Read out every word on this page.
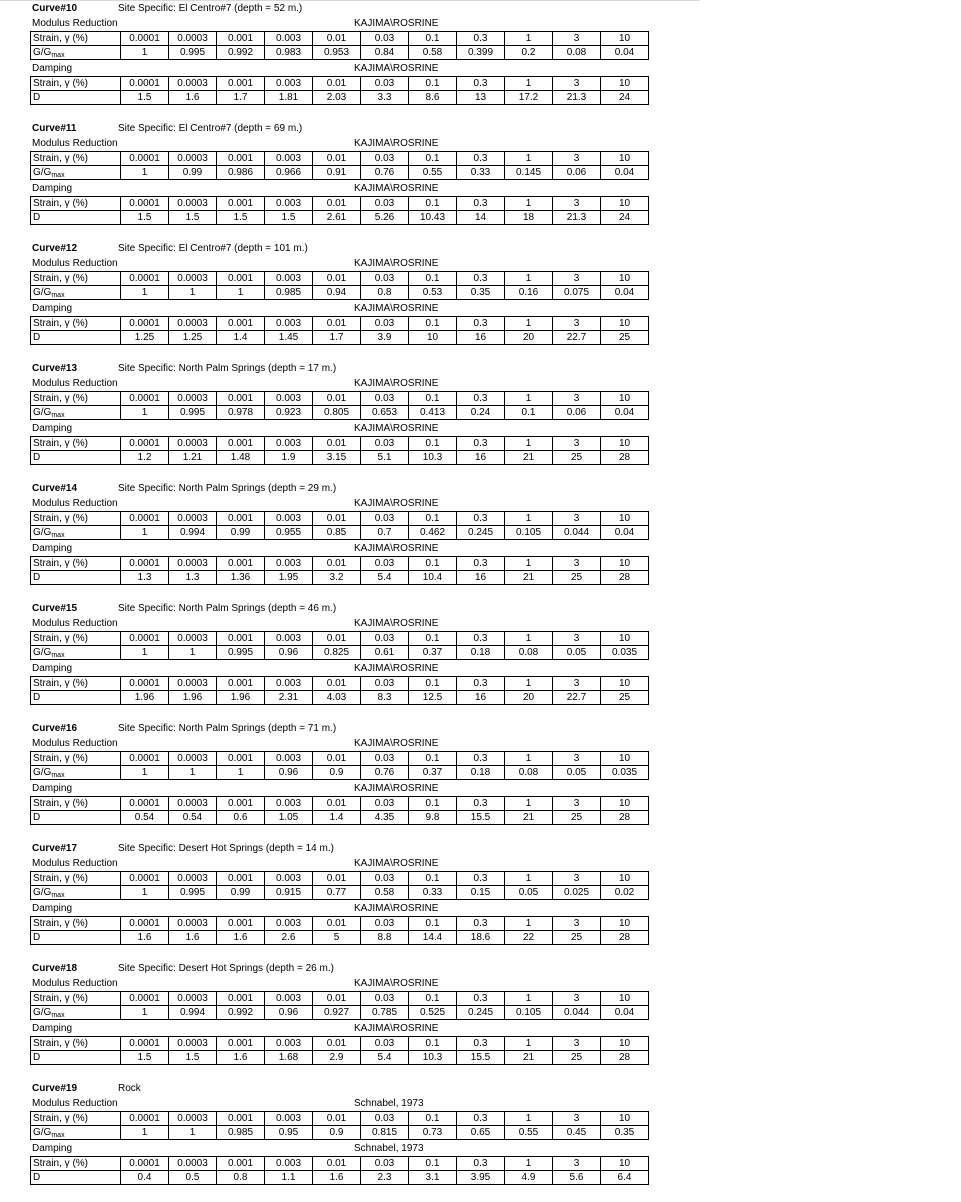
Curve#10	Site Specific: El Centro#7 (depth = 52 m.)
Modulus Reduction	KAJIMA\ROSRINE
Strain, γ (%)	0.0001	0.0003	0.001	0.003	0.01	0.03	0.1	0.3	1	3	10
$G/G_{max}$	1	0.995	0.992	0.983	0.953	0.84	0.58	0.399	0.2	0.08	0.04
Damping	KAJIMA\ROSRINE
Strain, γ (%)	0.0001	0.0003	0.001	0.003	0.01	0.03	0.1	0.3	1	3	10
D	1.5	1.6	1.7	1.81	2.03	3.3	8.6	13	17.2	21.3	24
Curve#11	Site Specific: El Centro#7 (depth = 69 m.)
Modulus Reduction	KAJIMA\ROSRINE
Strain, γ (%)	0.0001	0.0003	0.001	0.003	0.01	0.03	0.1	0.3	1	3	10
$G/G_{max}$	1	0.99	0.986	0.966	0.91	0.76	0.55	0.33	0.145	0.06	0.04
Damping	KAJIMA\ROSRINE
Strain, γ (%)	0.0001	0.0003	0.001	0.003	0.01	0.03	0.1	0.3	1	3	10
D	1.5	1.5	1.5	1.5	2.61	5.26	10.43	14	18	21.3	24
Curve#12	Site Specific: El Centro#7 (depth = 101 m.)
Modulus Reduction	KAJIMA\ROSRINE
Strain, γ (%)	0.0001	0.0003	0.001	0.003	0.01	0.03	0.1	0.3	1	3	10
$G/G_{max}$	1	1	1	0.985	0.94	0.8	0.53	0.35	0.16	0.075	0.04
Damping	KAJIMA\ROSRINE
Strain, γ (%)	0.0001	0.0003	0.001	0.003	0.01	0.03	0.1	0.3	1	3	10
D	1.25	1.25	1.4	1.45	1.7	3.9	10	16	20	22.7	25
Curve#13	Site Specific: North Palm Springs (depth = 17 m.)
Modulus Reduction	KAJIMA\ROSRINE
Strain, γ (%)	0.0001	0.0003	0.001	0.003	0.01	0.03	0.1	0.3	1	3	10
$G/G_{max}$	1	0.995	0.978	0.923	0.805	0.653	0.413	0.24	0.1	0.06	0.04
Damping	KAJIMA\ROSRINE
Strain, γ (%)	0.0001	0.0003	0.001	0.003	0.01	0.03	0.1	0.3	1	3	10
D	1.2	1.21	1.48	1.9	3.15	5.1	10.3	16	21	25	28
Curve#14	Site Specific: North Palm Springs (depth = 29 m.)
Modulus Reduction	KAJIMA\ROSRINE
Strain, γ (%)	0.0001	0.0003	0.001	0.003	0.01	0.03	0.1	0.3	1	3	10
$G/G_{max}$	1	0.994	0.99	0.955	0.85	0.7	0.462	0.245	0.105	0.044	0.04
Damping	KAJIMA\ROSRINE
Strain, γ (%)	0.0001	0.0003	0.001	0.003	0.01	0.03	0.1	0.3	1	3	10
D	1.3	1.3	1.36	1.95	3.2	5.4	10.4	16	21	25	28
Curve#15	Site Specific: North Palm Springs (depth = 46 m.)
Modulus Reduction	KAJIMA\ROSRINE
Strain, γ (%)	0.0001	0.0003	0.001	0.003	0.01	0.03	0.1	0.3	1	3	10
$G/G_{max}$	1	1	0.995	0.96	0.825	0.61	0.37	0.18	0.08	0.05	0.035
Damping	KAJIMA\ROSRINE
Strain, γ (%)	0.0001	0.0003	0.001	0.003	0.01	0.03	0.1	0.3	1	3	10
D	1.96	1.96	1.96	2.31	4.03	8.3	12.5	16	20	22.7	25
Curve#16	Site Specific: North Palm Springs (depth = 71 m.)
Modulus Reduction	KAJIMA\ROSRINE
Strain, γ (%)	0.0001	0.0003	0.001	0.003	0.01	0.03	0.1	0.3	1	3	10
$G/G_{max}$	1	1	1	0.96	0.9	0.76	0.37	0.18	0.08	0.05	0.035
Damping	KAJIMA\ROSRINE
Strain, γ (%)	0.0001	0.0003	0.001	0.003	0.01	0.03	0.1	0.3	1	3	10
D	0.54	0.54	0.6	1.05	1.4	4.35	9.8	15.5	21	25	28
Curve#17	Site Specific: Desert Hot Springs (depth = 14 m.)
Modulus Reduction	KAJIMA\ROSRINE
Strain, γ (%)	0.0001	0.0003	0.001	0.003	0.01	0.03	0.1	0.3	1	3	10
$G/G_{max}$	1	0.995	0.99	0.915	0.77	0.58	0.33	0.15	0.05	0.025	0.02
Damping	KAJIMA\ROSRINE
Strain, γ (%)	0.0001	0.0003	0.001	0.003	0.01	0.03	0.1	0.3	1	3	10
D	1.6	1.6	1.6	2.6	5	8.8	14.4	18.6	22	25	28
Curve#18	Site Specific: Desert Hot Springs (depth = 26 m.)
Modulus Reduction	KAJIMA\ROSRINE
Strain, γ (%)	0.0001	0.0003	0.001	0.003	0.01	0.03	0.1	0.3	1	3	10
$G/G_{max}$	1	0.994	0.992	0.96	0.927	0.785	0.525	0.245	0.105	0.044	0.04
Damping	KAJIMA\ROSRINE
Strain, γ (%)	0.0001	0.0003	0.001	0.003	0.01	0.03	0.1	0.3	1	3	10
D	1.5	1.5	1.6	1.68	2.9	5.4	10.3	15.5	21	25	28
Curve#19	Rock
Modulus Reduction	Schnabel, 1973
Strain, γ (%)	0.0001	0.0003	0.001	0.003	0.01	0.03	0.1	0.3	1	3	10
$G/G_{max}$	1	1	0.985	0.95	0.9	0.815	0.73	0.65	0.55	0.45	0.35
Damping	Schnabel, 1973
Strain, γ (%)	0.0001	0.0003	0.001	0.003	0.01	0.03	0.1	0.3	1	3	10
D	0.4	0.5	0.8	1.1	1.6	2.3	3.1	3.95	4.9	5.6	6.4
